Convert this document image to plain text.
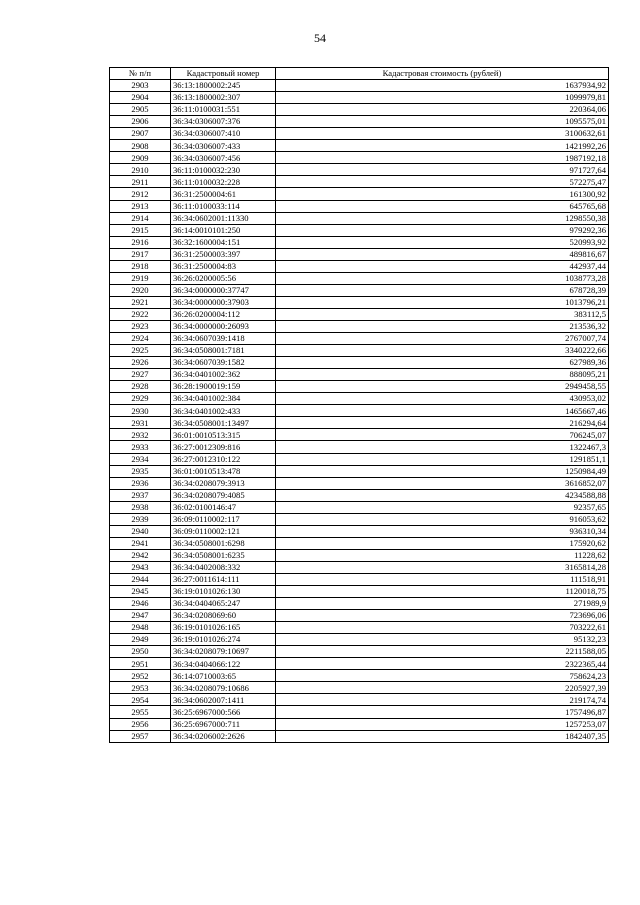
54
№ п/п	Кадастровый номер	Кадастровая стоимость (рублей)
2903	36:13:1800002:245	1637934,92
2904	36:13:1800002:307	1099979,81
2905	36:11:0100031:551	220364,06
2906	36:34:0306007:376	1095575,01
2907	36:34:0306007:410	3100632,61
2908	36:34:0306007:433	1421992,26
2909	36:34:0306007:456	1987192,18
2910	36:11:0100032:230	971727,64
2911	36:11:0100032:228	572275,47
2912	36:31:2500004:61	161300,92
2913	36:11:0100033:114	645765,68
2914	36:34:0602001:11330	1298550,38
2915	36:14:0010101:250	979292,36
2916	36:32:1600004:151	520993,92
2917	36:31:2500003:397	489816,67
2918	36:31:2500004:83	442937,44
2919	36:26:0200005:56	1038773,28
2920	36:34:0000000:37747	678728,39
2921	36:34:0000000:37903	1013796,21
2922	36:26:0200004:112	383112,5
2923	36:34:0000000:26093	213536,32
2924	36:34:0607039:1418	2767007,74
2925	36:34:0508001:7181	3340222,66
2926	36:34:0607039:1582	627989,36
2927	36:34:0401002:362	888095,21
2928	36:28:1900019:159	2949458,55
2929	36:34:0401002:384	430953,02
2930	36:34:0401002:433	1465667,46
2931	36:34:0508001:13497	216294,64
2932	36:01:0010513:315	706245,07
2933	36:27:0012309:816	1322467,3
2934	36:27:0012310:122	1291851,1
2935	36:01:0010513:478	1250984,49
2936	36:34:0208079:3913	3616852,07
2937	36:34:0208079:4085	4234588,88
2938	36:02:0100146:47	92357,65
2939	36:09:0110002:117	916053,62
2940	36:09:0110002:121	936310,34
2941	36:34:0508001:6298	175920,62
2942	36:34:0508001:6235	11228,62
2943	36:34:0402008:332	3165814,28
2944	36:27:0011614:111	111518,91
2945	36:19:0101026:130	1120018,75
2946	36:34:0404065:247	271989,9
2947	36:34:0208069:60	723696,06
2948	36:19:0101026:165	703222,61
2949	36:19:0101026:274	95132,23
2950	36:34:0208079:10697	2211588,05
2951	36:34:0404066:122	2322365,44
2952	36:14:0710003:65	758624,23
2953	36:34:0208079:10686	2205927,39
2954	36:34:0602007:1411	219174,74
2955	36:25:6967000:566	1757496,87
2956	36:25:6967000:711	1257253,07
2957	36:34:0206002:2626	1842407,35
